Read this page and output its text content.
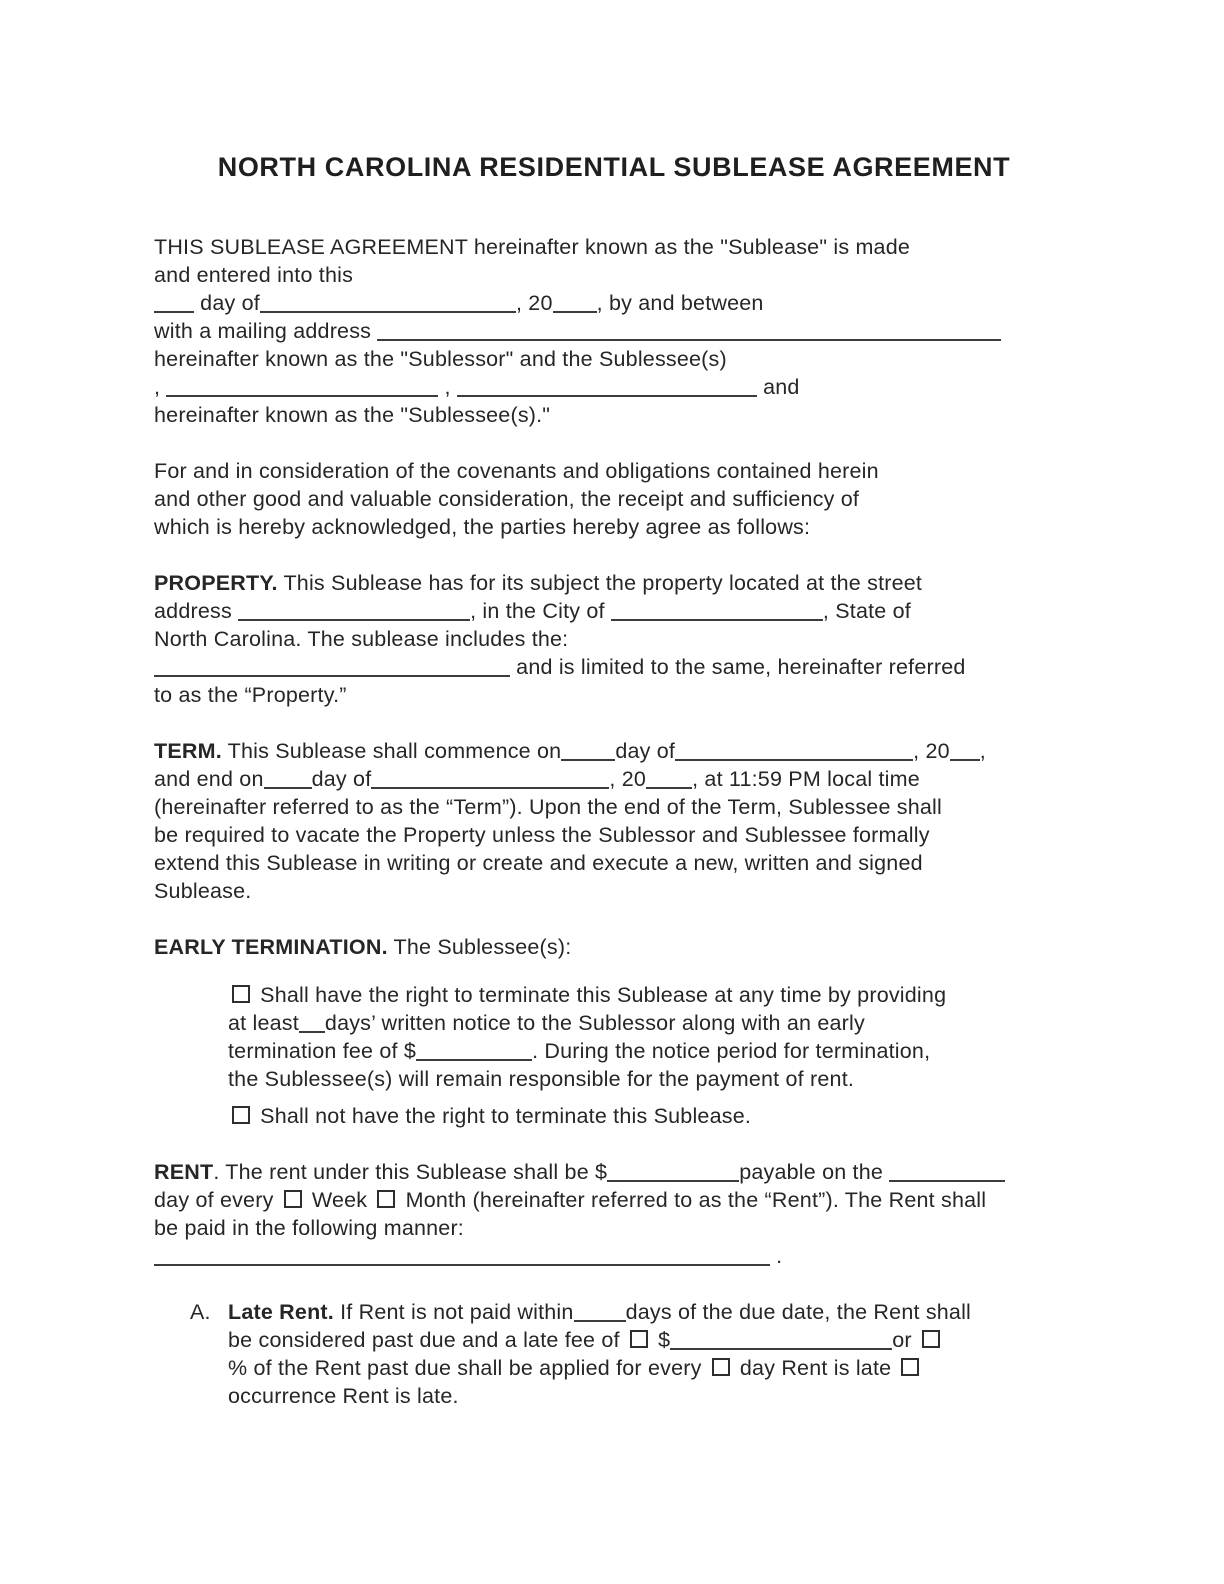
NORTH CAROLINA RESIDENTIAL SUBLEASE AGREEMENT

THIS SUBLEASE AGREEMENT hereinafter known as the "Sublease" is made
and entered into this
day of	, 20 , by and between
with a mailing address
hereinafter known as the "Sublessor" and the Sublessee(s)
,	,	and
hereinafter known as the "Sublessee(s)."

For and in consideration of the covenants and obligations contained herein
and other good and valuable consideration, the receipt and sufficiency of
which is hereby acknowledged, the parties hereby agree as follows:

PROPERTY. This Sublease has for its subject the property located at the street
address	, in the City of	, State of
North Carolina. The sublease includes the:
and is limited to the same, hereinafter referred
to as the “Property.”

TERM. This Sublease shall commence on	day of	, 20 ,
and end on day of	, 20 , at 11:59 PM local time
(hereinafter referred to as the “Term”). Upon the end of the Term, Sublessee shall
be required to vacate the Property unless the Sublessor and Sublessee formally
extend this Sublease in writing or create and execute a new, written and signed
Sublease.

EARLY TERMINATION. The Sublessee(s):

Shall have the right to terminate this Sublease at any time by providing
at least days’ written notice to the Sublessor along with an early
termination fee of $	. During the notice period for termination,
the Sublessee(s) will remain responsible for the payment of rent.

Shall not have the right to terminate this Sublease.

RENT. The rent under this Sublease shall be $	payable on the
day of every  Week  Month (hereinafter referred to as the “Rent”). The Rent shall
be paid in the following manner:
.

A. Late Rent. If Rent is not paid within days of the due date, the Rent shall
be considered past due and a late fee of  $	or
% of the Rent past due shall be applied for every  day Rent is late
occurrence Rent is late.
